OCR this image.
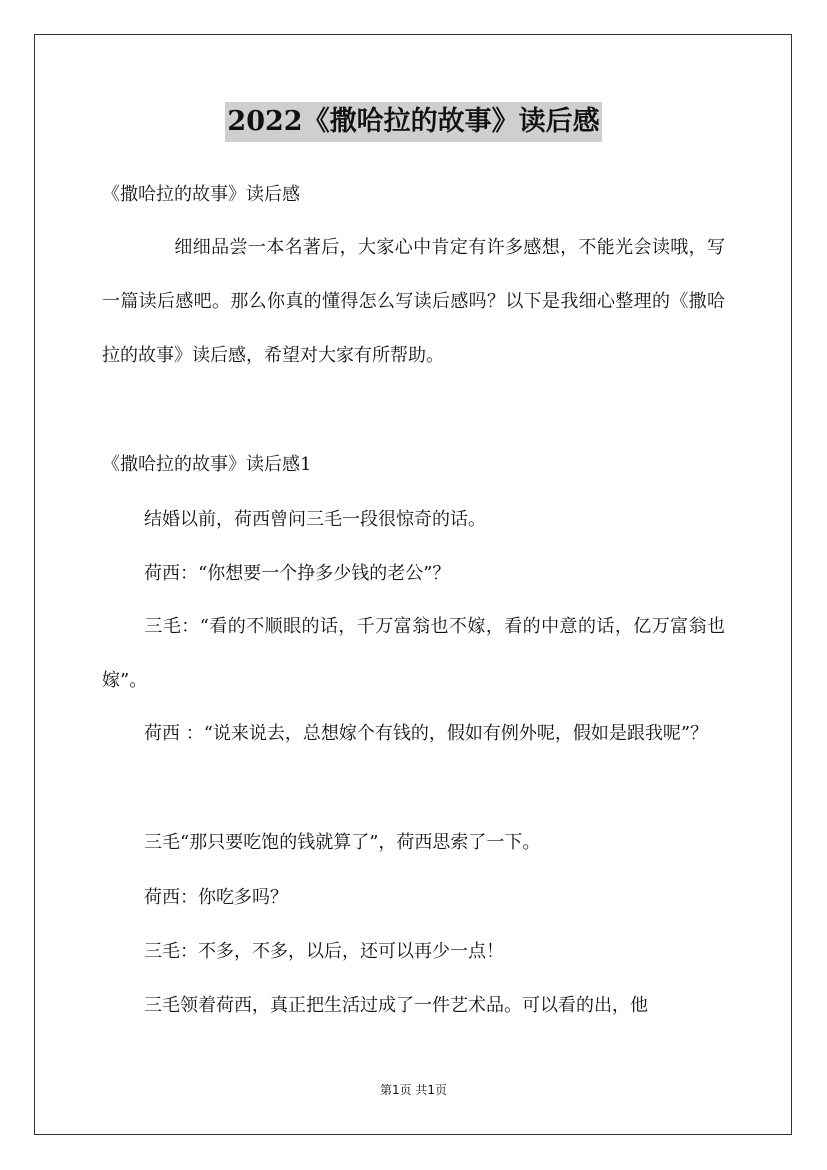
2022《撒哈拉的故事》读后感
《撒哈拉的故事》读后感
细细品尝一本名著后，大家心中肯定有许多感想，不能光会读哦，写一篇读后感吧。那么你真的懂得怎么写读后感吗？以下是我细心整理的《撒哈拉的故事》读后感，希望对大家有所帮助。
《撒哈拉的故事》读后感1
结婚以前，荷西曾问三毛一段很惊奇的话。
荷西：“你想要一个挣多少钱的老公”？
三毛：“看的不顺眼的话，千万富翁也不嫁，看的中意的话，亿万富翁也嫁”。
荷西 ：“说来说去，总想嫁个有钱的，假如有例外呢，假如是跟我呢”？
三毛“那只要吃饱的钱就算了”，荷西思索了一下。
荷西：你吃多吗？
三毛：不多，不多，以后，还可以再少一点！
三毛领着荷西，真正把生活过成了一件艺术品。可以看的出，他
第1页 共1页
